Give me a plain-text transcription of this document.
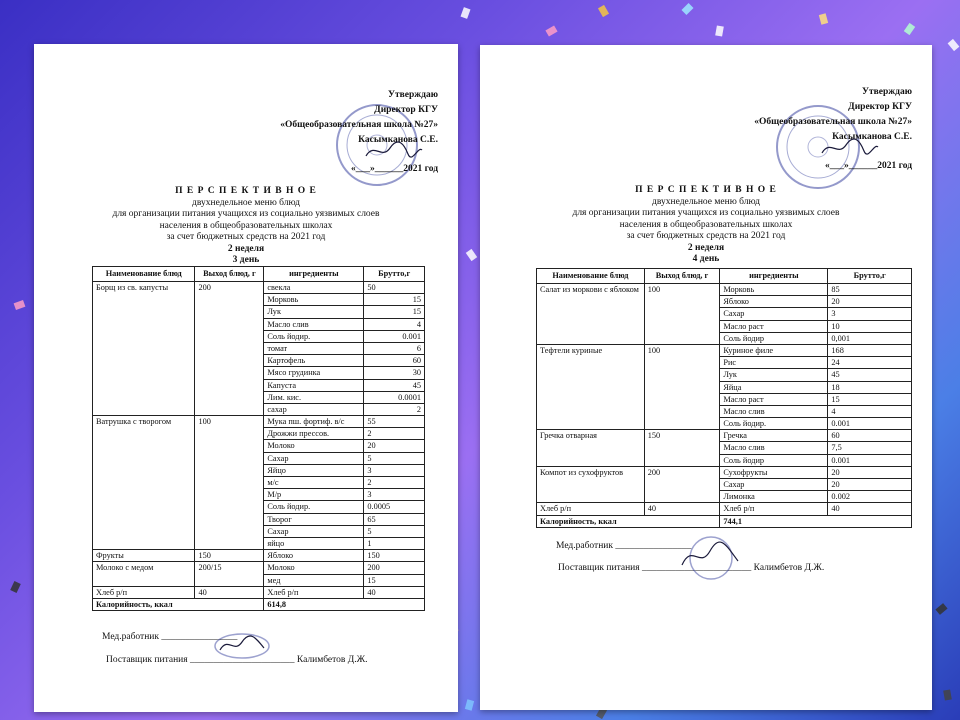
Утверждаю
Директор КГУ
«Общеобразовательная школа №27»
Касымканова С.Е.
«___»______2021 год
П Е Р С П Е К Т И В Н О Е
двухнедельное меню блюд
для организации питания учащихся из социально уязвимых слоев
населения в общеобразовательных школах
за счет бюджетных средств на 2021 год
2 неделя
3 день
Наименование блюд	Выход блюд, г	ингредиенты	Брутто,г
Борщ из св. капусты	200	свекла	50
		Морковь	15
		Лук	15
		Масло слив	4
		Соль йодир.	0.001
		томат	6
		Картофель	60
		Мясо грудинка	30
		Капуста	45
		Лим. кис.	0.0001
		сахар	2
Ватрушка с творогом	100	Мука пш. фортиф. в/с	55
		Дрожжи прессов.	2
		Молоко	20
		Сахар	5
		Яйцо	3
		м/с	2
		М/р	3
		Соль йодир.	0.0005
		Творог	65
		Сахар	5
		яйцо	1
Фрукты	150	Яблоко	150
Молоко с медом	200/15	Молоко	200
		мед	15
Хлеб р/п	40	Хлеб р/п	40
Калорийность, ккал		614,8	
Мед.работник ________________
Поставщик питания ______________________ Калимбетов Д.Ж.
Утверждаю
Директор КГУ
«Общеобразовательная школа №27»
Касымканова С.Е.
«___»______2021 год
П Е Р С П Е К Т И В Н О Е
двухнедельное меню блюд
для организации питания учащихся из социально уязвимых слоев
населения в общеобразовательных школах
за счет бюджетных средств на 2021 год
2 неделя
4 день
Наименование блюд	Выход блюд, г	ингредиенты	Брутто,г
Салат из моркови с яблоком	100	Морковь	85
		Яблоко	20
		Сахар	3
		Масло раст	10
		Соль йодир	0,001
Тефтели куриные	100	Куриное филе	168
		Рис	24
		Лук	45
		Яйца	18
		Масло раст	15
		Масло слив	4
		Соль йодир.	0.001
Гречка отварная	150	Гречка	60
		Масло слив	7,5
		Соль йодир	0.001
Компот из сухофруктов	200	Сухофрукты	20
		Сахар	20
		Лимонка	0.002
Хлеб р/п	40	Хлеб р/п	40
Калорийность, ккал		744,1	
Мед.работник ________________
Поставщик питания _______________________ Калимбетов Д.Ж.
